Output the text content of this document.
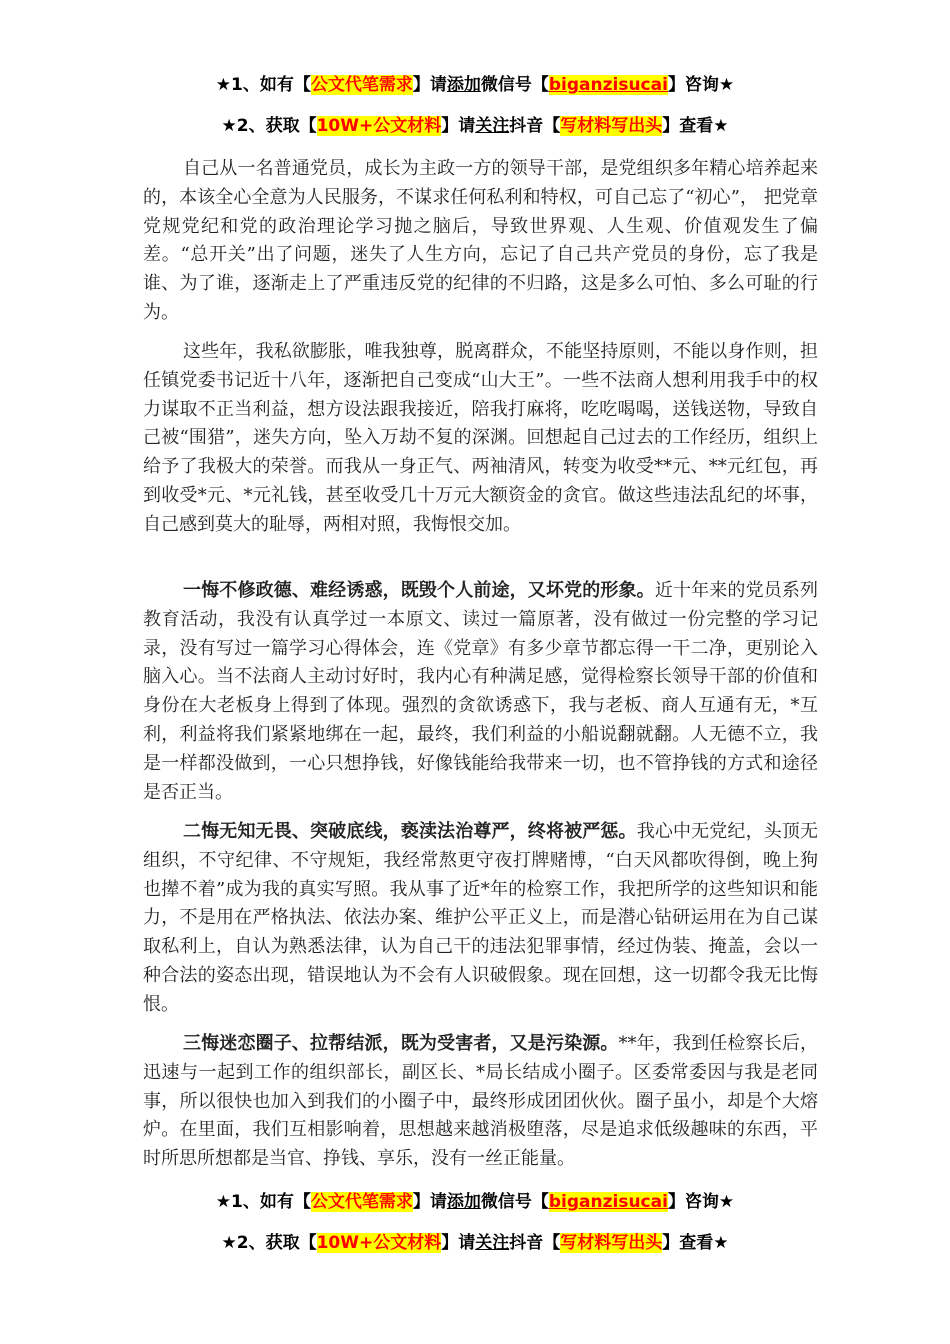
★1、如有【公文代笔需求】请添加微信号【biganzisucai】咨询★
★2、获取【10W+公文材料】请关注抖音【写材料写出头】查看★

自己从一名普通党员，成长为主政一方的领导干部，是党组织多年精心培养起来的，本该全心全意为人民服务，不谋求任何私利和特权，可自己忘了“初心”， 把党章党规党纪和党的政治理论学习抛之脑后，导致世界观、人生观、价值观发生了偏差。“总开关”出了问题，迷失了人生方向，忘记了自己共产党员的身份，忘了我是谁、为了谁，逐渐走上了严重违反党的纪律的不归路，这是多么可怕、多么可耻的行为。

这些年，我私欲膨胀，唯我独尊，脱离群众，不能坚持原则，不能以身作则，担任镇党委书记近十八年，逐渐把自己变成“山大王”。一些不法商人想利用我手中的权力谋取不正当利益，想方设法跟我接近，陪我打麻将，吃吃喝喝，送钱送物，导致自己被“围猎”，迷失方向，坠入万劫不复的深渊。回想起自己过去的工作经历，组织上给予了我极大的荣誉。而我从一身正气、两袖清风，转变为收受**元、**元红包，再到收受*元、*元礼钱，甚至收受几十万元大额资金的贪官。做这些违法乱纪的坏事，自己感到莫大的耻辱，两相对照，我悔恨交加。

一悔不修政德、难经诱惑，既毁个人前途，又坏党的形象。近十年来的党员系列教育活动，我没有认真学过一本原文、读过一篇原著，没有做过一份完整的学习记录，没有写过一篇学习心得体会，连《党章》有多少章节都忘得一干二净，更别论入脑入心。当不法商人主动讨好时，我内心有种满足感，觉得检察长领导干部的价值和身份在大老板身上得到了体现。强烈的贪欲诱惑下，我与老板、商人互通有无，*互利，利益将我们紧紧地绑在一起，最终，我们利益的小船说翻就翻。人无德不立，我是一样都没做到，一心只想挣钱，好像钱能给我带来一切，也不管挣钱的方式和途径是否正当。

二悔无知无畏、突破底线，亵渎法治尊严，终将被严惩。我心中无党纪，头顶无组织，不守纪律、不守规矩，我经常熬更守夜打牌赌博，“白天风都吹得倒，晚上狗也撵不着”成为我的真实写照。我从事了近*年的检察工作，我把所学的这些知识和能力，不是用在严格执法、依法办案、维护公平正义上，而是潜心钻研运用在为自己谋取私利上，自认为熟悉法律，认为自己干的违法犯罪事情，经过伪装、掩盖，会以一种合法的姿态出现，错误地认为不会有人识破假象。现在回想，这一切都令我无比悔恨。

三悔迷恋圈子、拉帮结派，既为受害者，又是污染源。**年，我到任检察长后，迅速与一起到工作的组织部长，副区长、*局长结成小圈子。区委常委因与我是老同事，所以很快也加入到我们的小圈子中，最终形成团团伙伙。圈子虽小，却是个大熔炉。在里面，我们互相影响着，思想越来越消极堕落，尽是追求低级趣味的东西，平时所思所想都是当官、挣钱、享乐，没有一丝正能量。

★1、如有【公文代笔需求】请添加微信号【biganzisucai】咨询★
★2、获取【10W+公文材料】请关注抖音【写材料写出头】查看★
